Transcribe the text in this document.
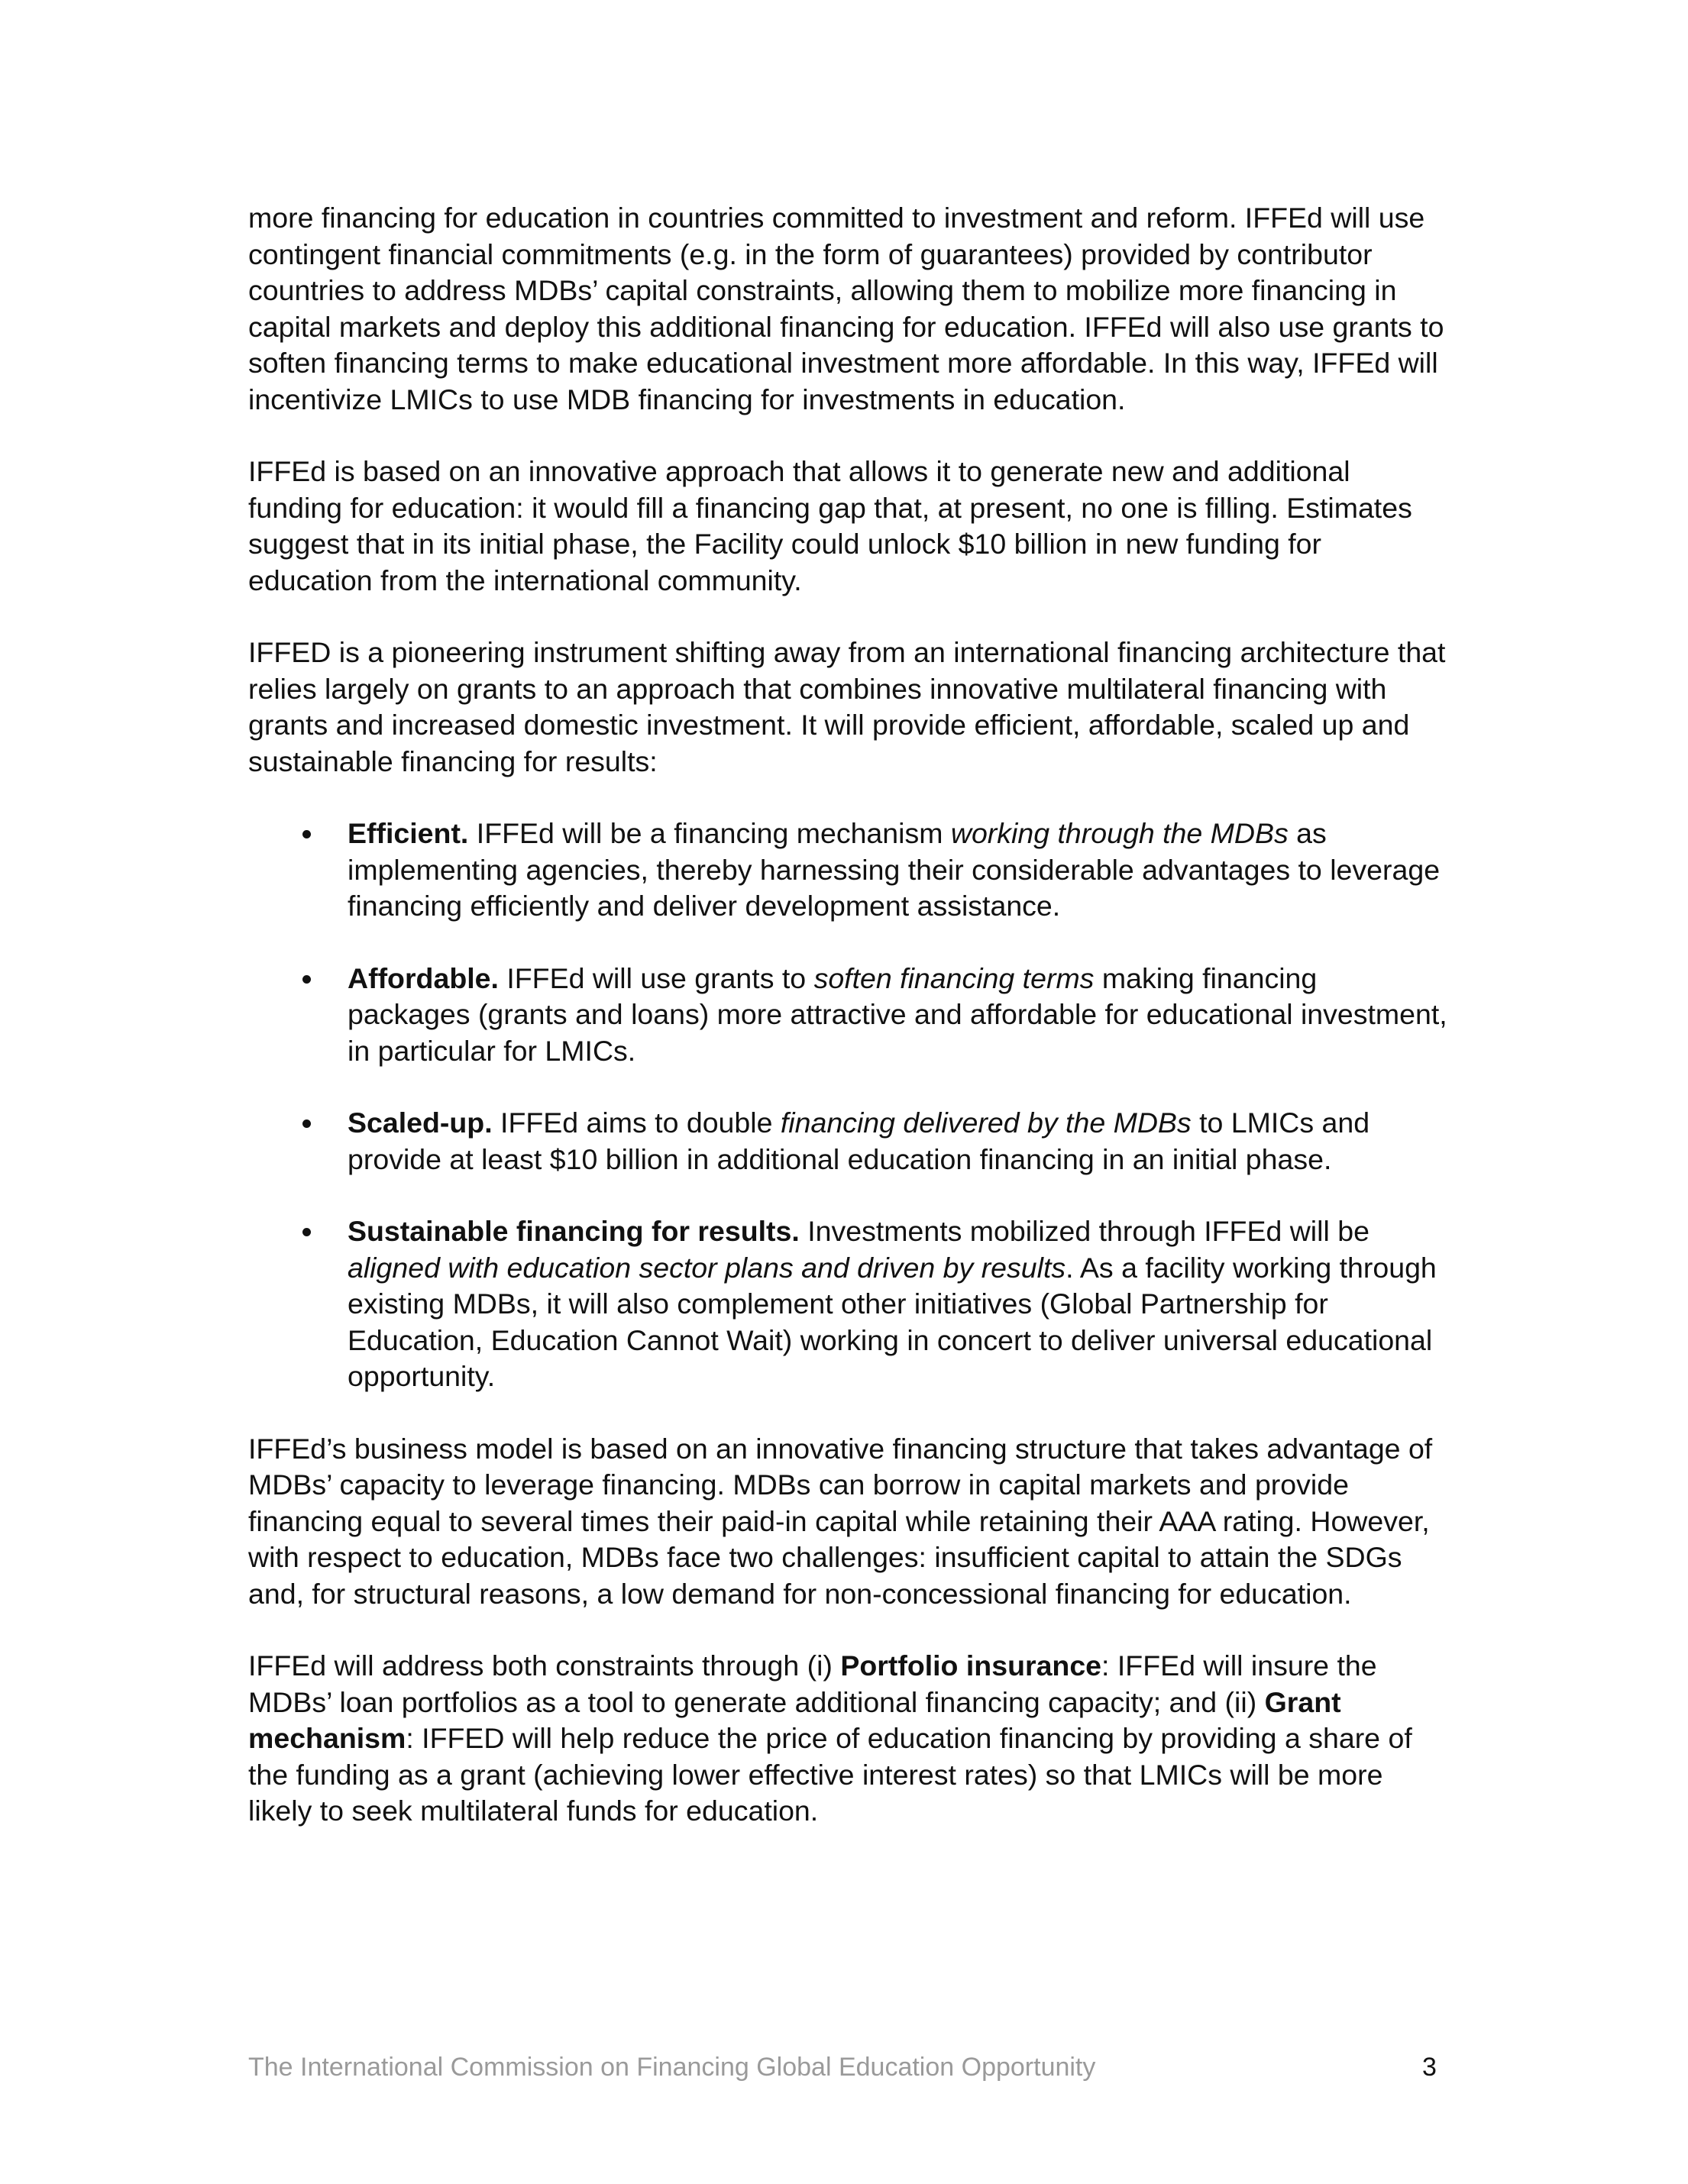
more financing for education in countries committed to investment and reform. IFFEd will use contingent financial commitments (e.g. in the form of guarantees) provided by contributor countries to address MDBs’ capital constraints, allowing them to mobilize more financing in capital markets and deploy this additional financing for education. IFFEd will also use grants to soften financing terms to make educational investment more affordable. In this way, IFFEd will incentivize LMICs to use MDB financing for investments in education.

IFFEd is based on an innovative approach that allows it to generate new and additional funding for education: it would fill a financing gap that, at present, no one is filling. Estimates suggest that in its initial phase, the Facility could unlock $10 billion in new funding for education from the international community.

IFFED is a pioneering instrument shifting away from an international financing architecture that relies largely on grants to an approach that combines innovative multilateral financing with grants and increased domestic investment. It will provide efficient, affordable, scaled up and sustainable financing for results:

Efficient. IFFEd will be a financing mechanism working through the MDBs as implementing agencies, thereby harnessing their considerable advantages to leverage financing efficiently and deliver development assistance.
Affordable. IFFEd will use grants to soften financing terms making financing packages (grants and loans) more attractive and affordable for educational investment, in particular for LMICs.
Scaled-up. IFFEd aims to double financing delivered by the MDBs to LMICs and provide at least $10 billion in additional education financing in an initial phase.
Sustainable financing for results. Investments mobilized through IFFEd will be aligned with education sector plans and driven by results. As a facility working through existing MDBs, it will also complement other initiatives (Global Partnership for Education, Education Cannot Wait) working in concert to deliver universal educational opportunity.

IFFEd’s business model is based on an innovative financing structure that takes advantage of MDBs’ capacity to leverage financing. MDBs can borrow in capital markets and provide financing equal to several times their paid-in capital while retaining their AAA rating. However, with respect to education, MDBs face two challenges: insufficient capital to attain the SDGs and, for structural reasons, a low demand for non-concessional financing for education.

IFFEd will address both constraints through (i) Portfolio insurance: IFFEd will insure the MDBs’ loan portfolios as a tool to generate additional financing capacity; and (ii) Grant mechanism: IFFED will help reduce the price of education financing by providing a share of the funding as a grant (achieving lower effective interest rates) so that LMICs will be more likely to seek multilateral funds for education.

The International Commission on Financing Global Education Opportunity	3
